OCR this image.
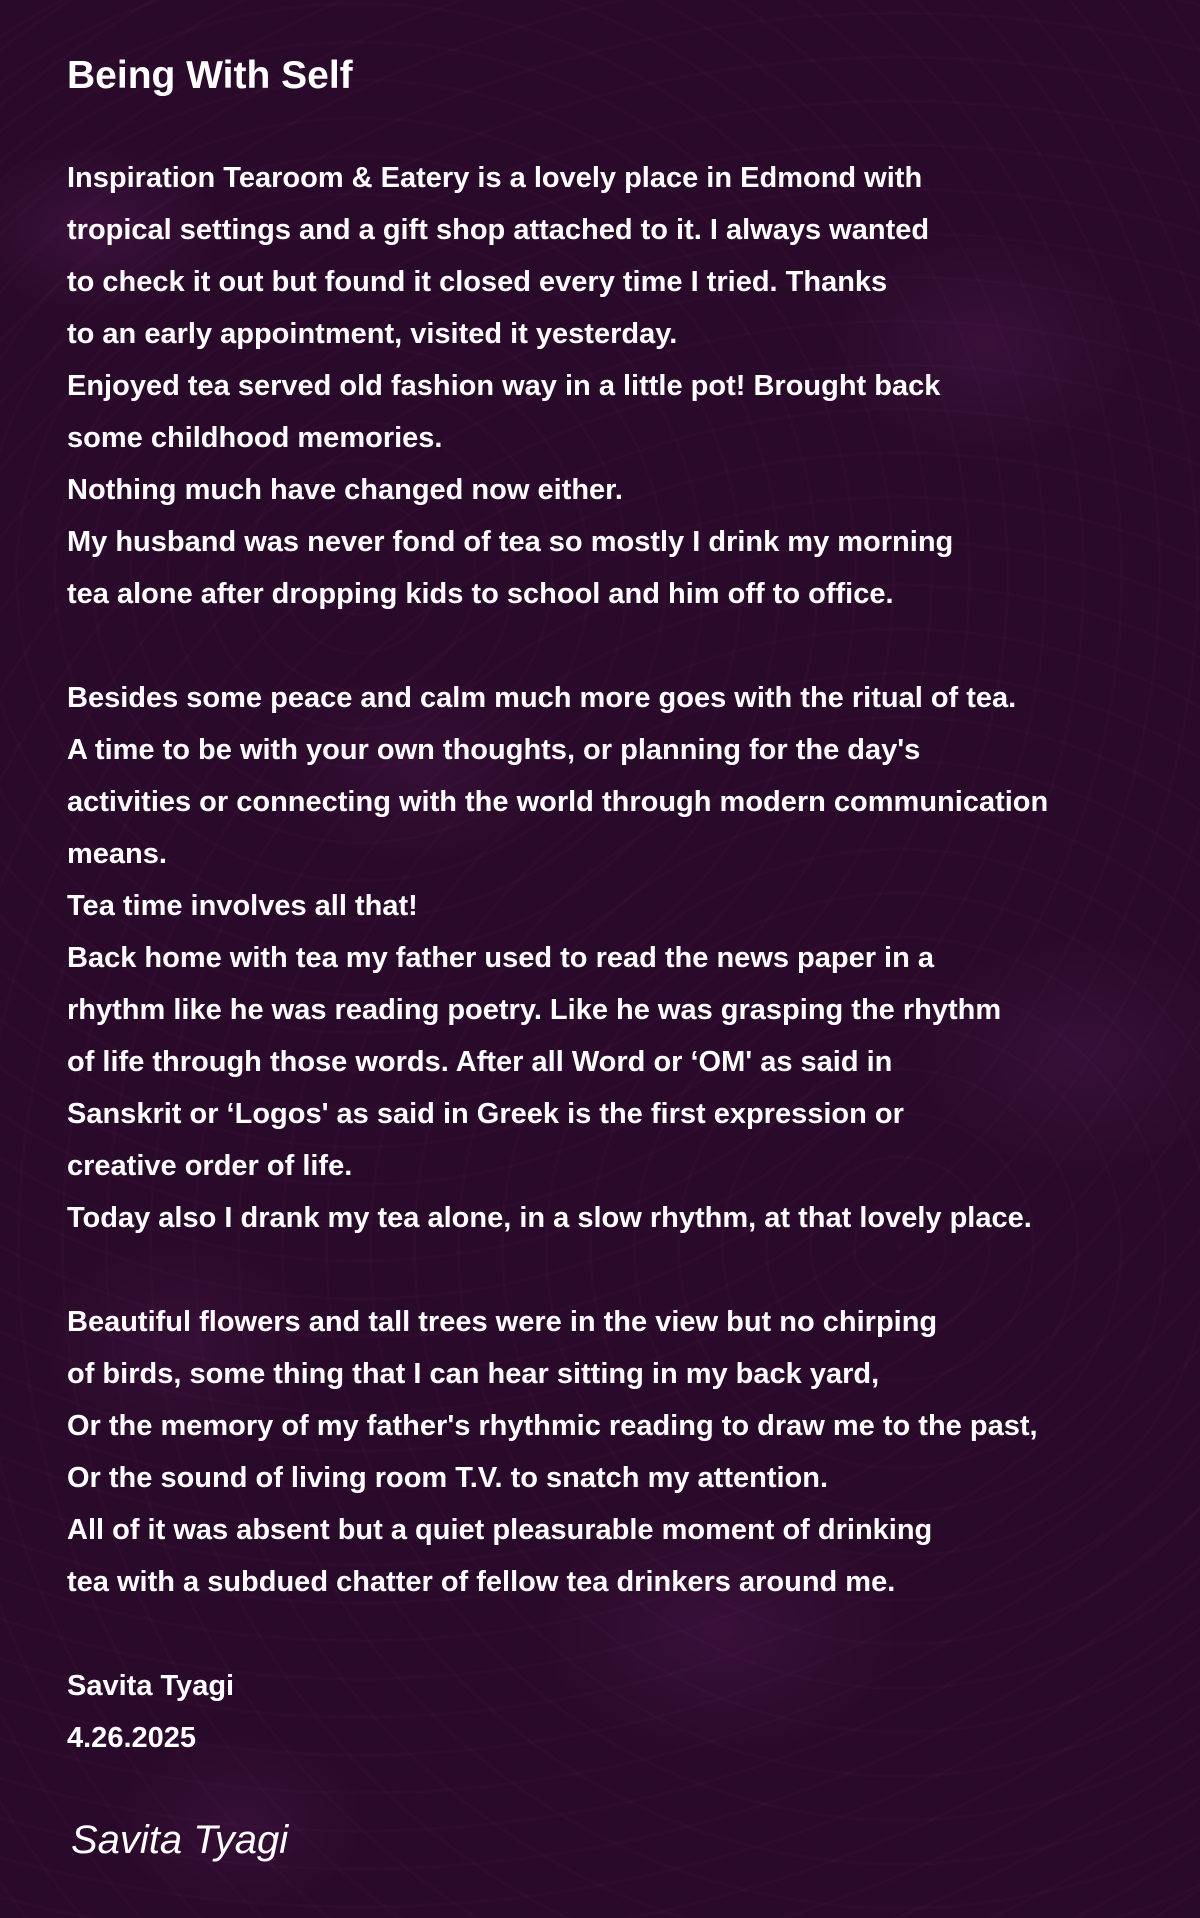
Being With Self
Inspiration Tearoom & Eatery is a lovely place in Edmond with
tropical settings and a gift shop attached to it. I always wanted
to check it out but found it closed every time I tried. Thanks
to an early appointment, visited it yesterday.
Enjoyed tea served old fashion way in a little pot! Brought back
some childhood memories.
Nothing much have changed now either.
My husband was never fond of tea so mostly I drink my morning
tea alone after dropping kids to school and him off to office.
Besides some peace and calm much more goes with the ritual of tea.
A time to be with your own thoughts, or planning for the day's
activities or connecting with the world through modern communication
means.
Tea time involves all that!
Back home with tea my father used to read the news paper in a
rhythm like he was reading poetry. Like he was grasping the rhythm
of life through those words. After all Word or ‘OM' as said in
Sanskrit or ‘Logos' as said in Greek is the first expression or
creative order of life.
Today also I drank my tea alone, in a slow rhythm, at that lovely place.
Beautiful flowers and tall trees were in the view but no chirping
of birds, some thing that I can hear sitting in my back yard,
Or the memory of my father's rhythmic reading to draw me to the past,
Or the sound of living room T.V. to snatch my attention.
All of it was absent but a quiet pleasurable moment of drinking
tea with a subdued chatter of fellow tea drinkers around me.
Savita Tyagi
4.26.2025
Savita Tyagi
